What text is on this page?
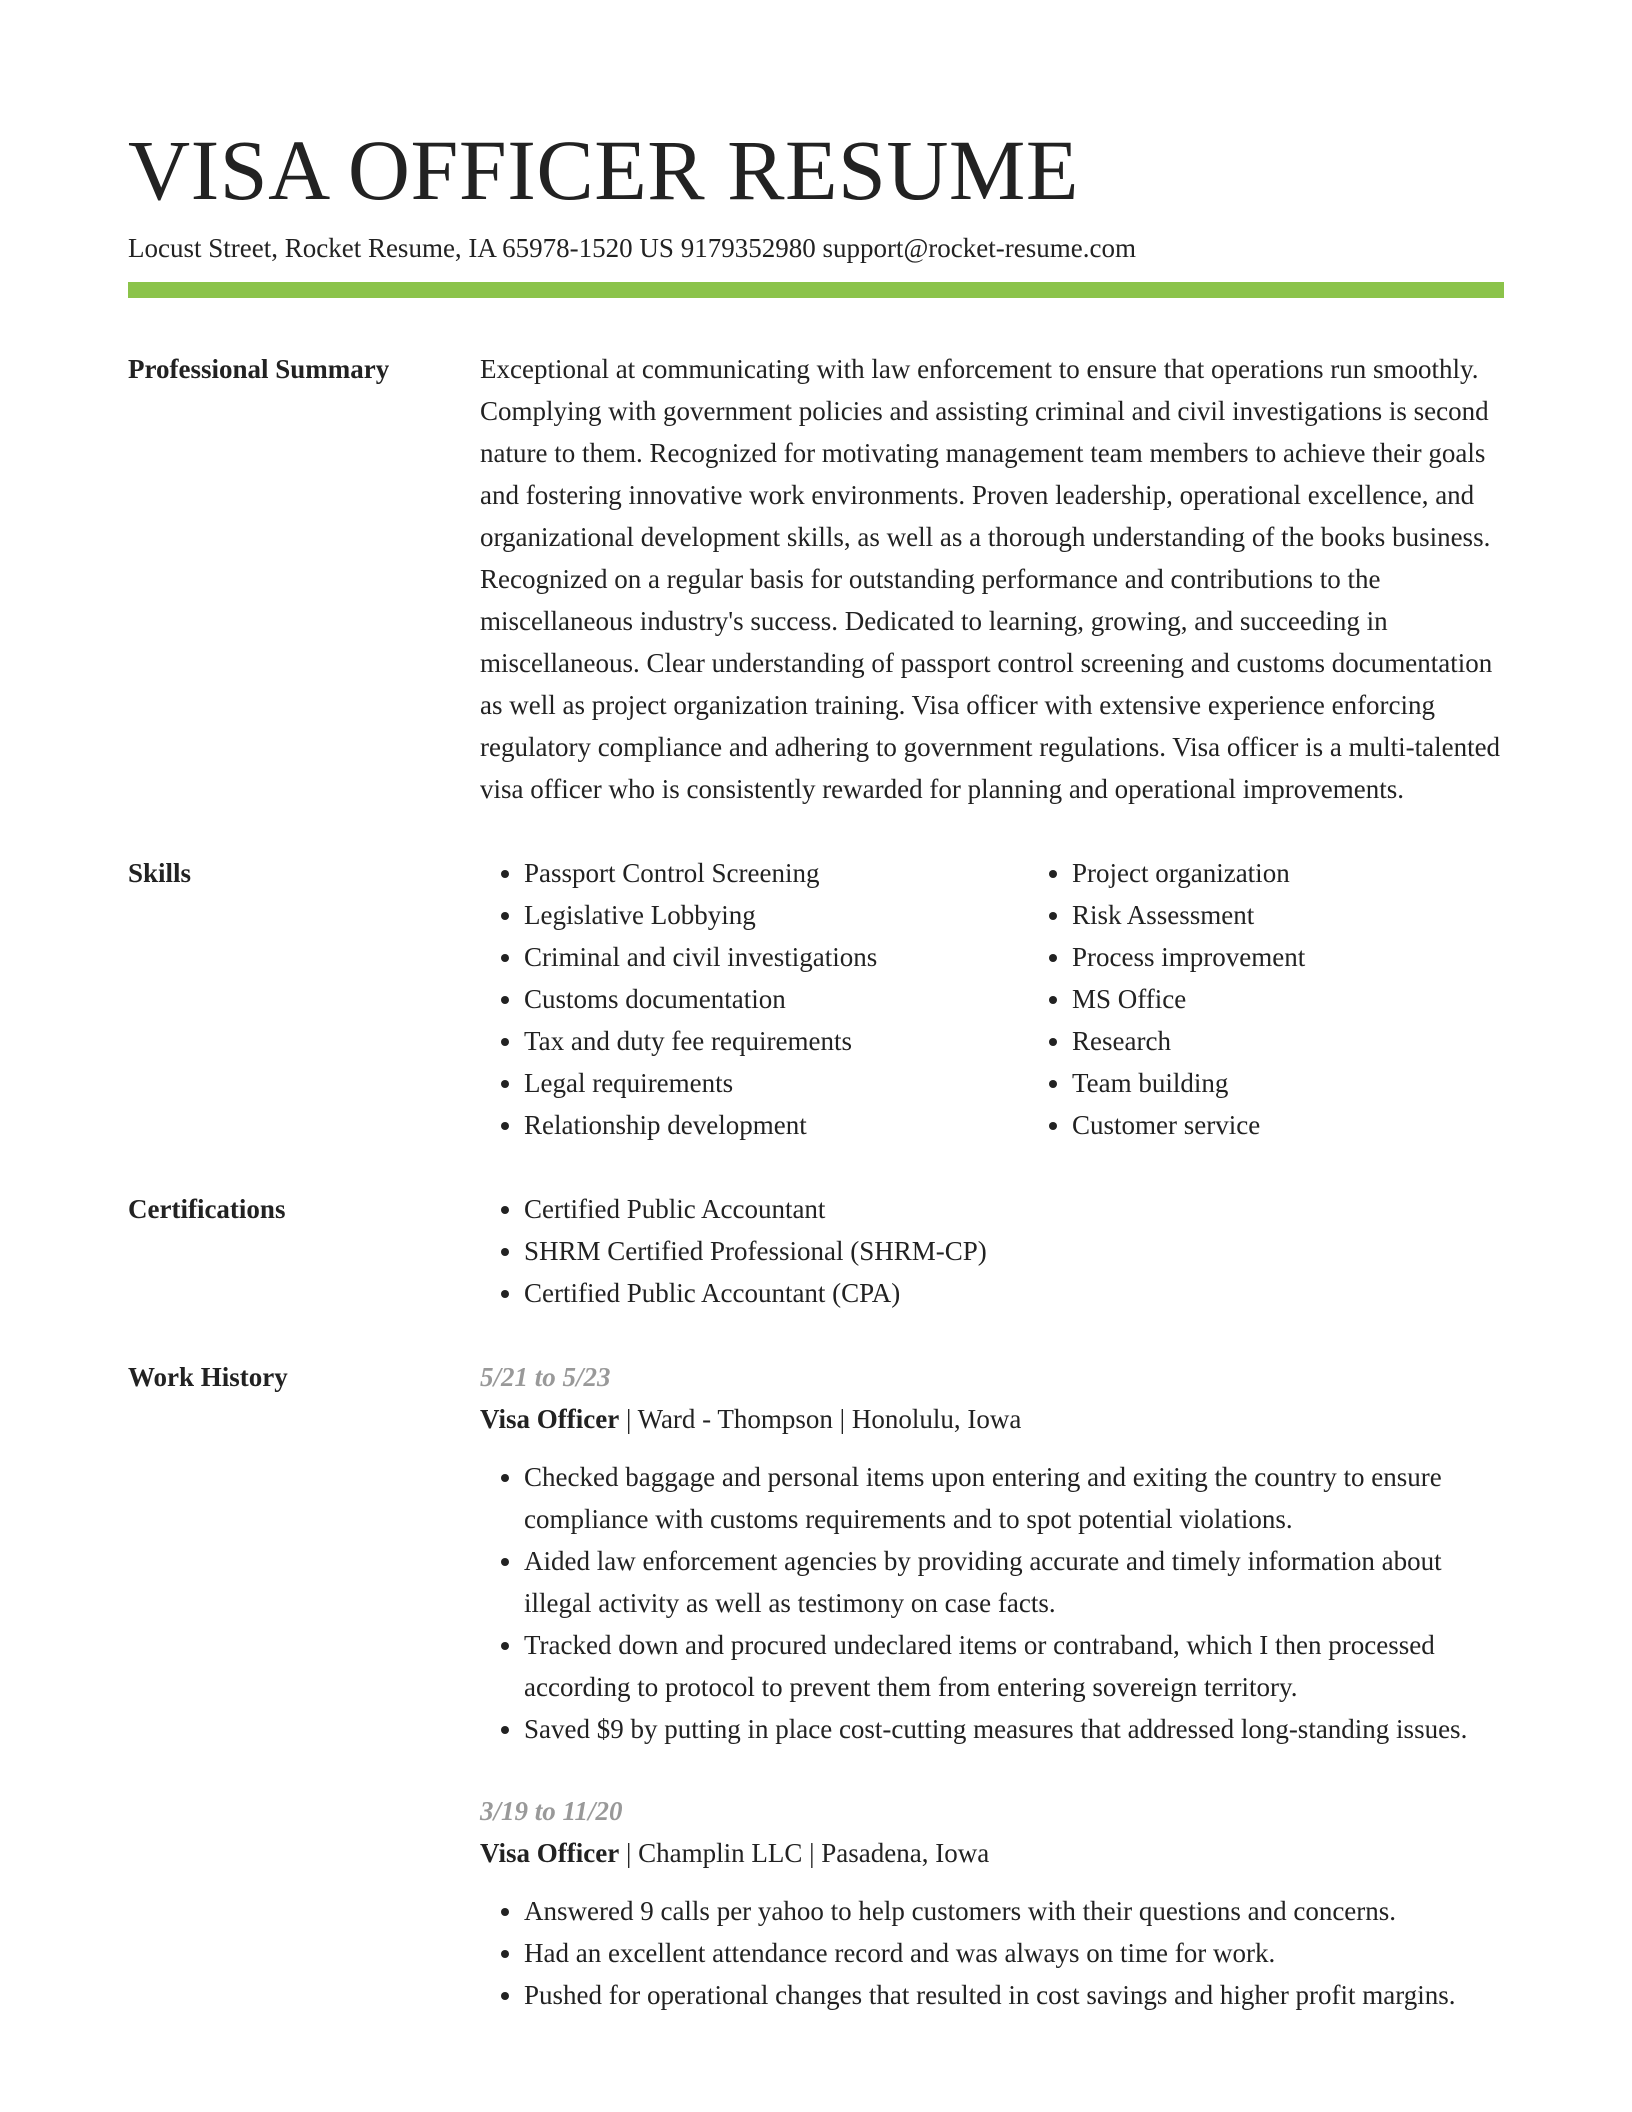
VISA OFFICER RESUME
Locust Street, Rocket Resume, IA 65978-1520 US 9179352980 support@rocket-resume.com
Professional Summary	Exceptional at communicating with law enforcement to ensure that operations run smoothly. Complying with government policies and assisting criminal and civil investigations is second nature to them. Recognized for motivating management team members to achieve their goals and fostering innovative work environments. Proven leadership, operational excellence, and organizational development skills, as well as a thorough understanding of the books business. Recognized on a regular basis for outstanding performance and contributions to the miscellaneous industry's success. Dedicated to learning, growing, and succeeding in miscellaneous. Clear understanding of passport control screening and customs documentation as well as project organization training. Visa officer with extensive experience enforcing regulatory compliance and adhering to government regulations. Visa officer is a multi-talented visa officer who is consistently rewarded for planning and operational improvements.

Skills	• Passport Control Screening
• Legislative Lobbying
• Criminal and civil investigations
• Customs documentation
• Tax and duty fee requirements
• Legal requirements
• Relationship development
• Project organization
• Risk Assessment
• Process improvement
• MS Office
• Research
• Team building
• Customer service
Certifications	• Certified Public Accountant
• SHRM Certified Professional (SHRM-CP)
• Certified Public Accountant (CPA)
Work History	5/21 to 5/23
Visa Officer | Ward - Thompson | Honolulu, Iowa
• Checked baggage and personal items upon entering and exiting the country to ensure compliance with customs requirements and to spot potential violations.
• Aided law enforcement agencies by providing accurate and timely information about illegal activity as well as testimony on case facts.
• Tracked down and procured undeclared items or contraband, which I then processed according to protocol to prevent them from entering sovereign territory.
• Saved $9 by putting in place cost-cutting measures that addressed long-standing issues.
3/19 to 11/20
Visa Officer | Champlin LLC | Pasadena, Iowa
• Answered 9 calls per yahoo to help customers with their questions and concerns.
• Had an excellent attendance record and was always on time for work.
• Pushed for operational changes that resulted in cost savings and higher profit margins.
